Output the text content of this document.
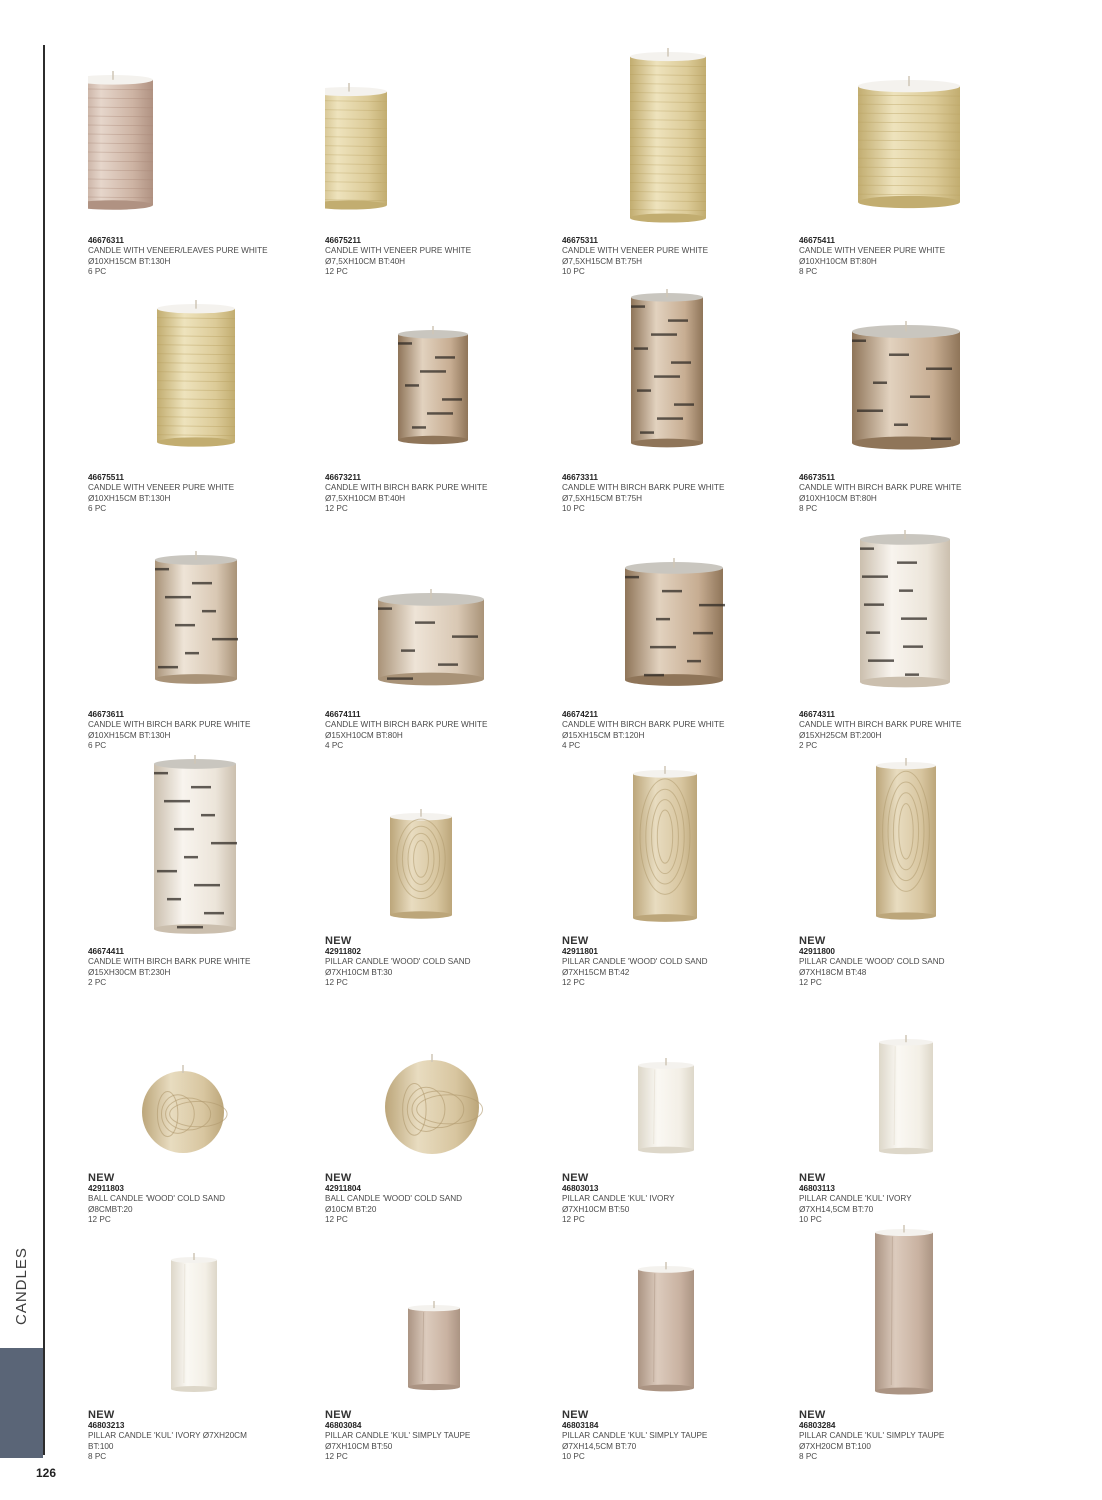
CANDLES
126
46676311
CANDLE WITH VENEER/LEAVES PURE WHITE
Ø10XH15CM BT:130H
6 PC
46675211
CANDLE WITH VENEER PURE WHITE
Ø7,5XH10CM BT:40H
12 PC
46675311
CANDLE WITH VENEER PURE WHITE
Ø7,5XH15CM BT:75H
10 PC
46675411
CANDLE WITH VENEER PURE WHITE
Ø10XH10CM BT:80H
8 PC
46675511
CANDLE WITH VENEER PURE WHITE
Ø10XH15CM BT:130H
6 PC
46673211
CANDLE WITH BIRCH BARK PURE WHITE
Ø7,5XH10CM BT:40H
12 PC
46673311
CANDLE WITH BIRCH BARK PURE WHITE
Ø7,5XH15CM BT:75H
10 PC
46673511
CANDLE WITH BIRCH BARK PURE WHITE
Ø10XH10CM BT:80H
8 PC
46673611
CANDLE WITH BIRCH BARK PURE WHITE
Ø10XH15CM BT:130H
6 PC
46674111
CANDLE WITH BIRCH BARK PURE WHITE
Ø15XH10CM BT:80H
4 PC
46674211
CANDLE WITH BIRCH BARK PURE WHITE
Ø15XH15CM BT:120H
4 PC
46674311
CANDLE WITH BIRCH BARK PURE WHITE
Ø15XH25CM BT:200H
2 PC
46674411
CANDLE WITH BIRCH BARK PURE WHITE
Ø15XH30CM BT:230H
2 PC
NEW
42911802
PILLAR CANDLE 'WOOD' COLD SAND
Ø7XH10CM BT:30
12 PC
NEW
42911801
PILLAR CANDLE 'WOOD' COLD SAND
Ø7XH15CM BT:42
12 PC
NEW
42911800
PILLAR CANDLE 'WOOD' COLD SAND
Ø7XH18CM BT:48
12 PC
NEW
42911803
BALL CANDLE 'WOOD' COLD SAND
Ø8CMBT:20
12 PC
NEW
42911804
BALL CANDLE 'WOOD' COLD SAND
Ø10CM BT:20
12 PC
NEW
46803013
PILLAR CANDLE 'KUL' IVORY
Ø7XH10CM BT:50
12 PC
NEW
46803113
PILLAR CANDLE 'KUL' IVORY
Ø7XH14,5CM BT:70
10 PC
NEW
46803213
PILLAR CANDLE 'KUL' IVORY Ø7XH20CM
BT:100
8 PC
NEW
46803084
PILLAR CANDLE 'KUL' SIMPLY TAUPE
Ø7XH10CM BT:50
12 PC
NEW
46803184
PILLAR CANDLE 'KUL' SIMPLY TAUPE
Ø7XH14,5CM BT:70
10 PC
NEW
46803284
PILLAR CANDLE 'KUL' SIMPLY TAUPE
Ø7XH20CM BT:100
8 PC
